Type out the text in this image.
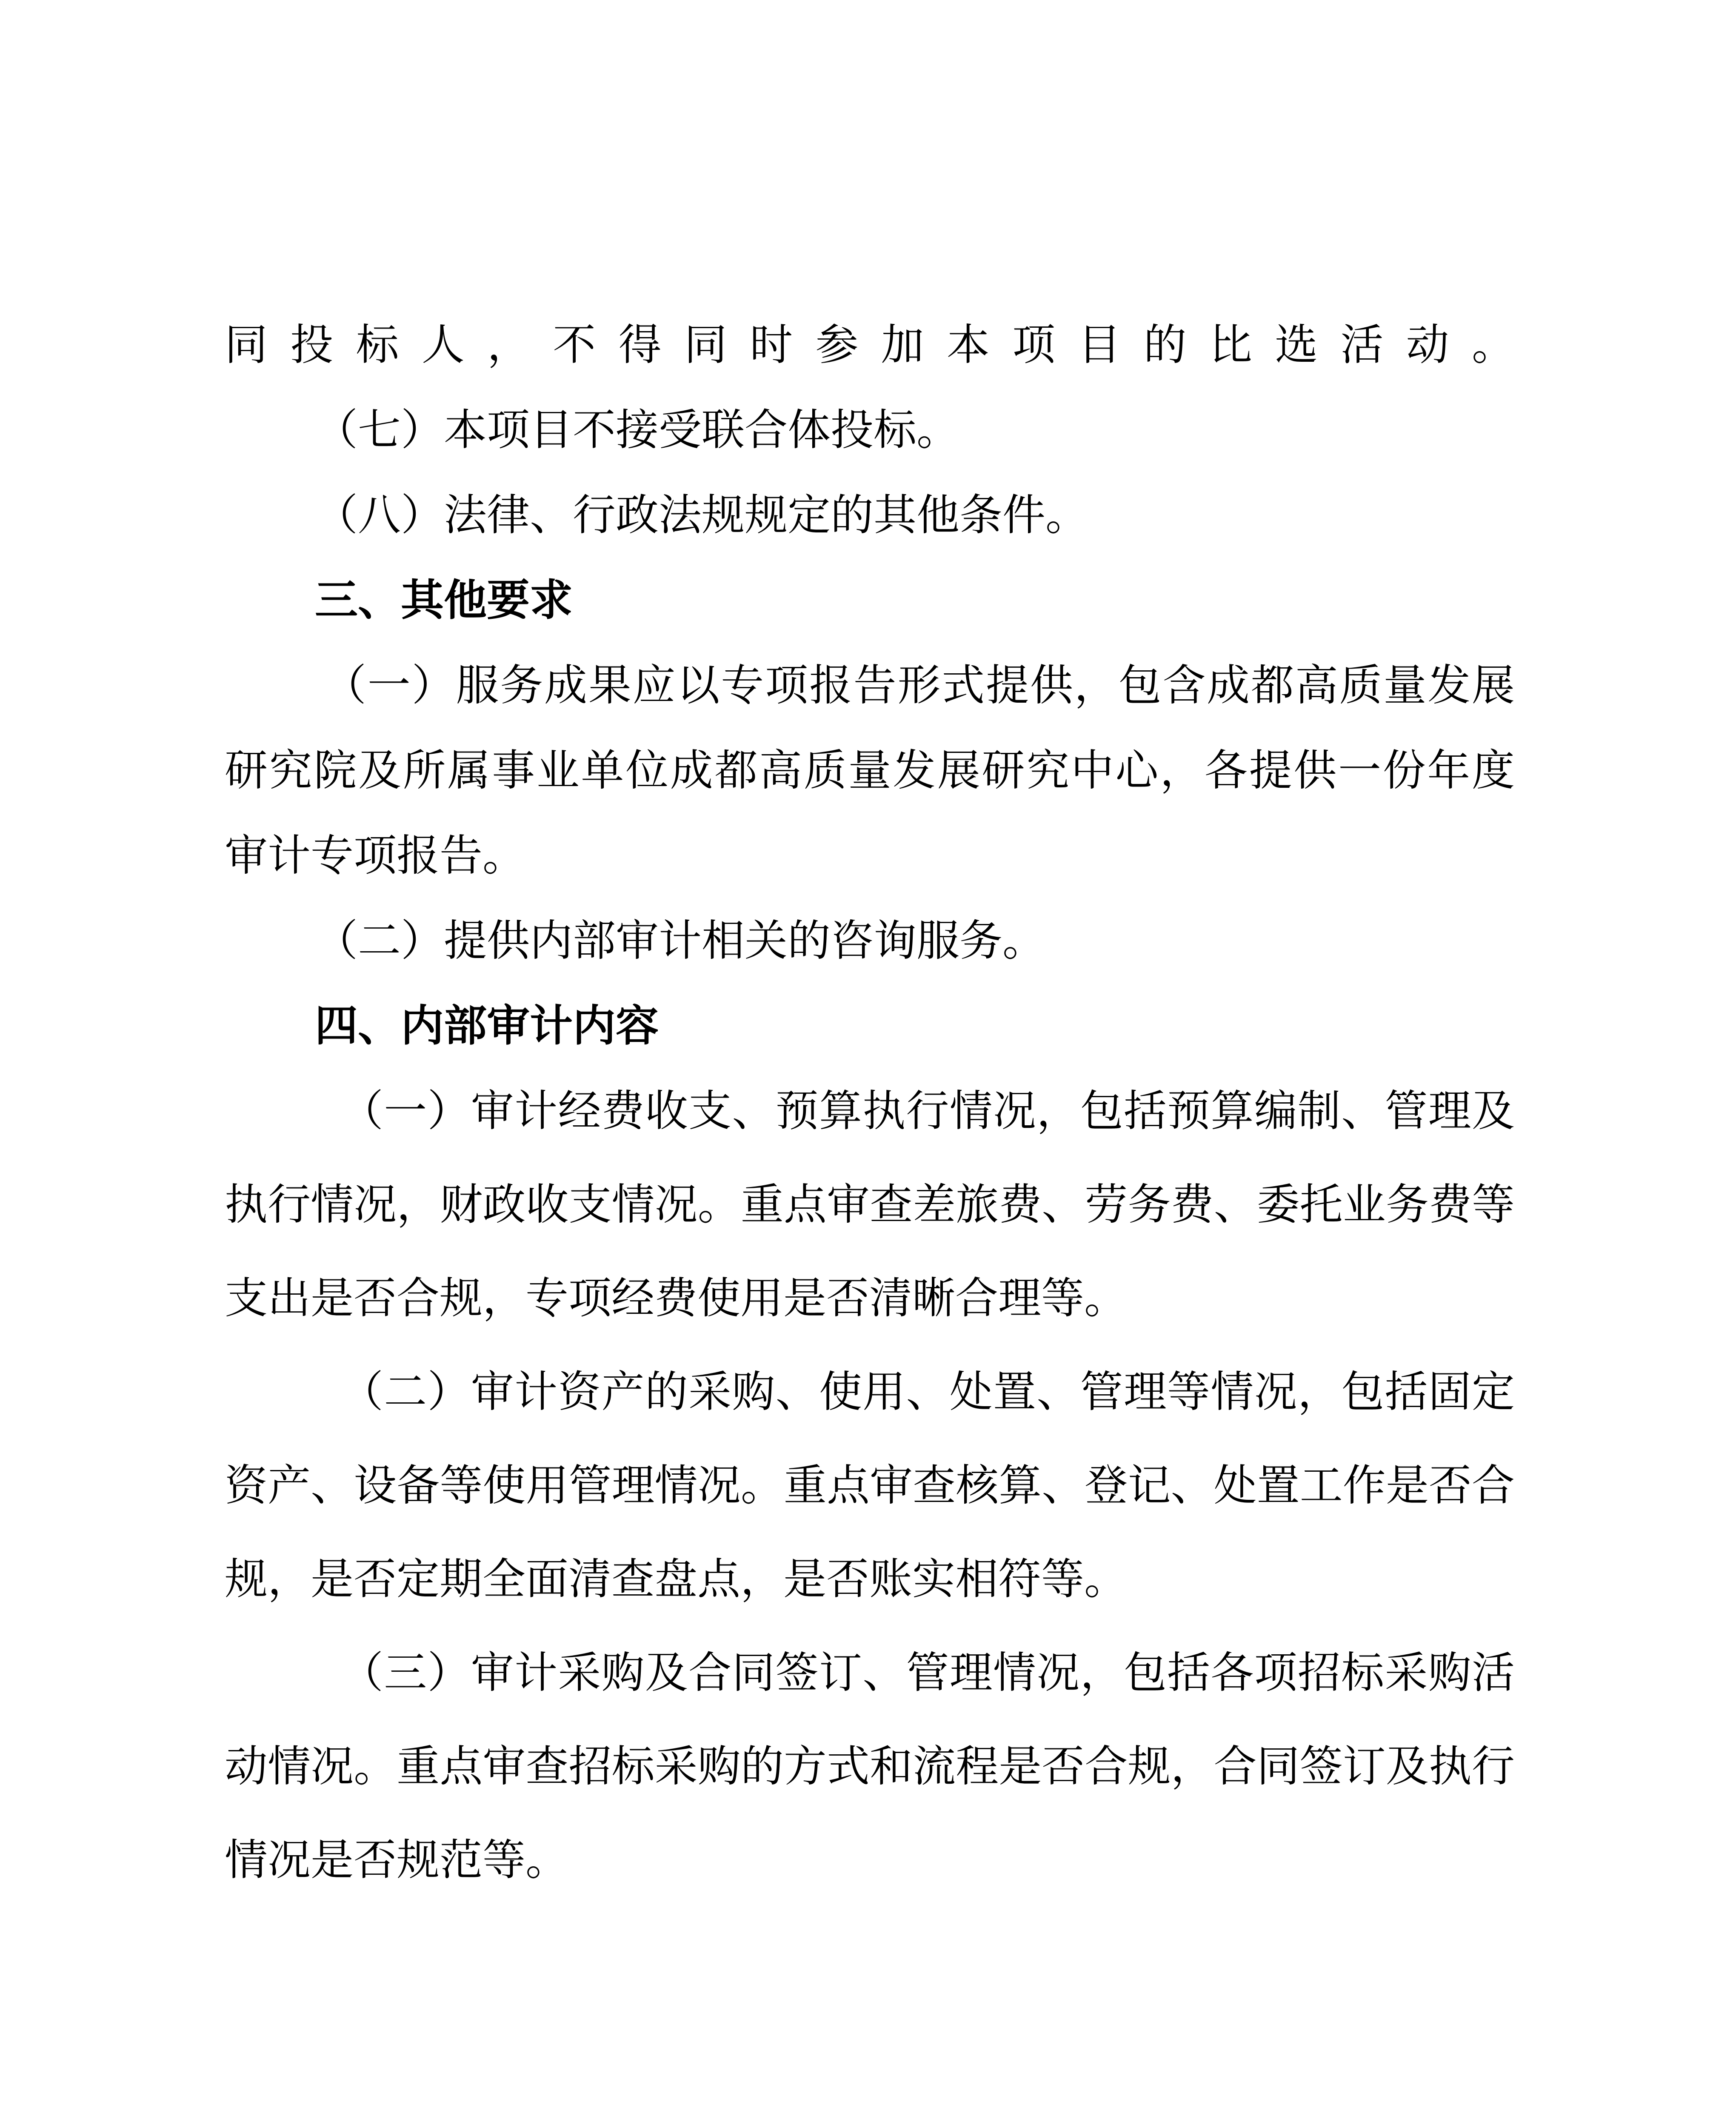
同投标人，不得同时参加本项目的比选活动。
（七）本项目不接受联合体投标。
（八）法律、行政法规规定的其他条件。
三、其他要求
（一）服务成果应以专项报告形式提供，包含成都高质量发展
研究院及所属事业单位成都高质量发展研究中心，各提供一份年度
审计专项报告。
（二）提供内部审计相关的咨询服务。
四、内部审计内容
（一）审计经费收支、预算执行情况，包括预算编制、管理及
执行情况，财政收支情况。重点审查差旅费、劳务费、委托业务费等
支出是否合规，专项经费使用是否清晰合理等。
（二）审计资产的采购、使用、处置、管理等情况，包括固定
资产、设备等使用管理情况。重点审查核算、登记、处置工作是否合
规，是否定期全面清查盘点，是否账实相符等。
（三）审计采购及合同签订、管理情况，包括各项招标采购活
动情况。重点审查招标采购的方式和流程是否合规，合同签订及执行
情况是否规范等。
